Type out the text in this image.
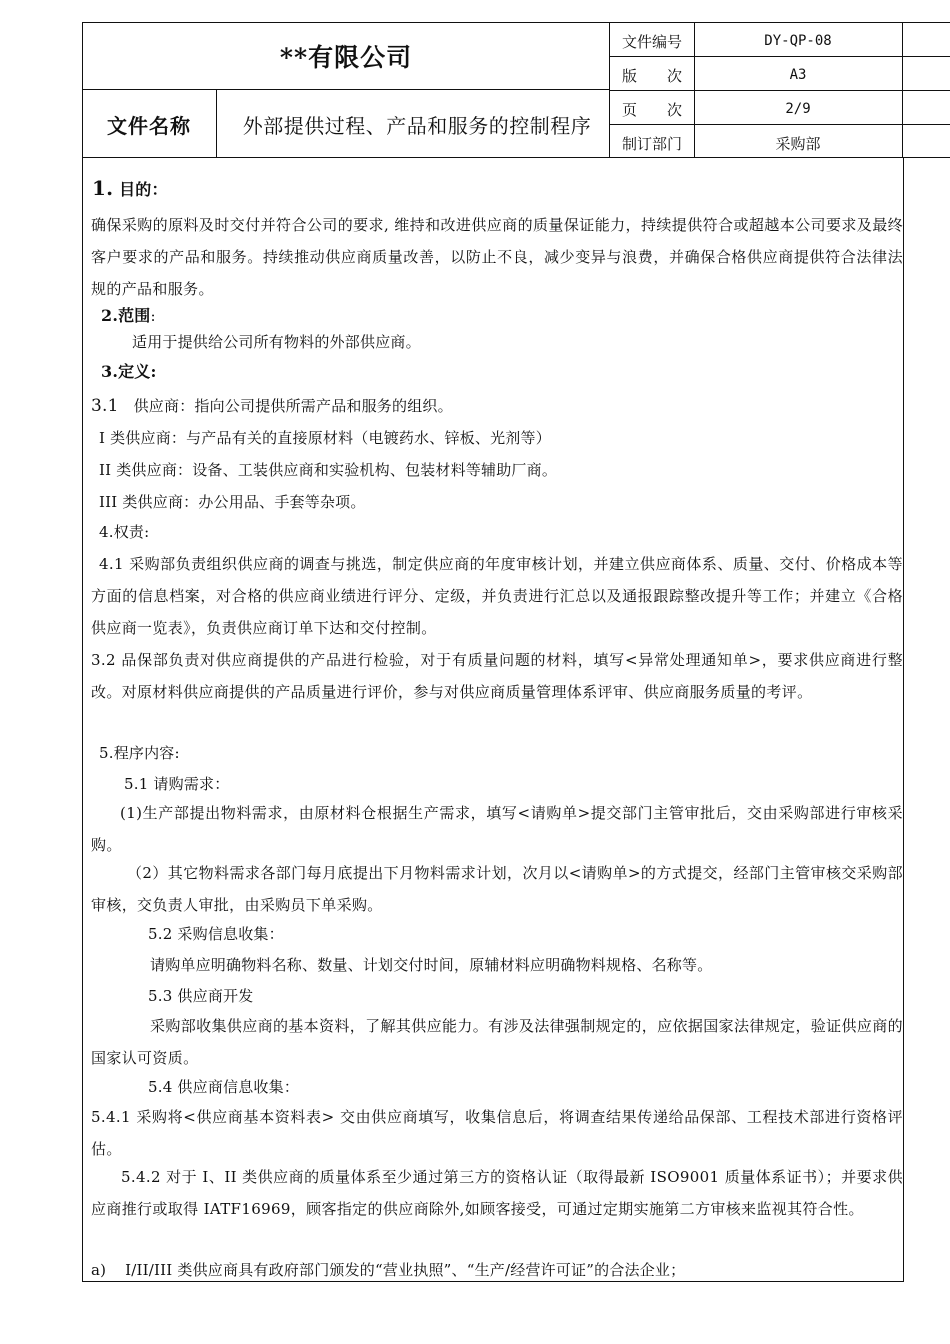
**有限公司
文件名称	外部提供过程、产品和服务的控制程序
文件编号	DY-QP-08
版　　次	A3
页　　次	2/9
制订部门	采购部
1. 目的：
确保采购的原料及时交付并符合公司的要求, 维持和改进供应商的质量保证能力，持续提供符合或超越本公司要求及最终客户要求的产品和服务。持续推动供应商质量改善，以防止不良，减少变异与浪费，并确保合格供应商提供符合法律法规的产品和服务。
2.范围:
适用于提供给公司所有物料的外部供应商。
3.定义:
3.1 供应商：指向公司提供所需产品和服务的组织。
I 类供应商：与产品有关的直接原材料（电镀药水、锌板、光剂等）
II 类供应商：设备、工装供应商和实验机构、包装材料等辅助厂商。
III 类供应商：办公用品、手套等杂项。
4.权责:
4.1 采购部负责组织供应商的调查与挑选，制定供应商的年度审核计划，并建立供应商体系、质量、交付、价格成本等方面的信息档案，对合格的供应商业绩进行评分、定级，并负责进行汇总以及通报跟踪整改提升等工作；并建立《合格供应商一览表》，负责供应商订单下达和交付控制。
3.2 品保部负责对供应商提供的产品进行检验，对于有质量问题的材料，填写<异常处理通知单>，要求供应商进行整改。对原材料供应商提供的产品质量进行评价，参与对供应商质量管理体系评审、供应商服务质量的考评。
5.程序内容:
5.1 请购需求：
(1)生产部提出物料需求，由原材料仓根据生产需求，填写<请购单>提交部门主管审批后，交由采购部进行审核采购。
（2）其它物料需求各部门每月底提出下月物料需求计划，次月以<请购单>的方式提交，经部门主管审核交采购部审核，交负责人审批，由采购员下单采购。
5.2 采购信息收集：
请购单应明确物料名称、数量、计划交付时间，原辅材料应明确物料规格、名称等。
5.3 供应商开发
采购部收集供应商的基本资料，了解其供应能力。有涉及法律强制规定的，应依据国家法律规定，验证供应商的国家认可资质。
5.4 供应商信息收集：
5.4.1 采购将<供应商基本资料表> 交由供应商填写，收集信息后，将调查结果传递给品保部、工程技术部进行资格评估。
5.4.2 对于 I、II 类供应商的质量体系至少通过第三方的资格认证（取得最新 ISO9001 质量体系证书）；并要求供应商推行或取得 IATF16969，顾客指定的供应商除外,如顾客接受，可通过定期实施第二方审核来监视其符合性。
a) I/II/III 类供应商具有政府部门颁发的“营业执照”、“生产/经营许可证”的合法企业；
